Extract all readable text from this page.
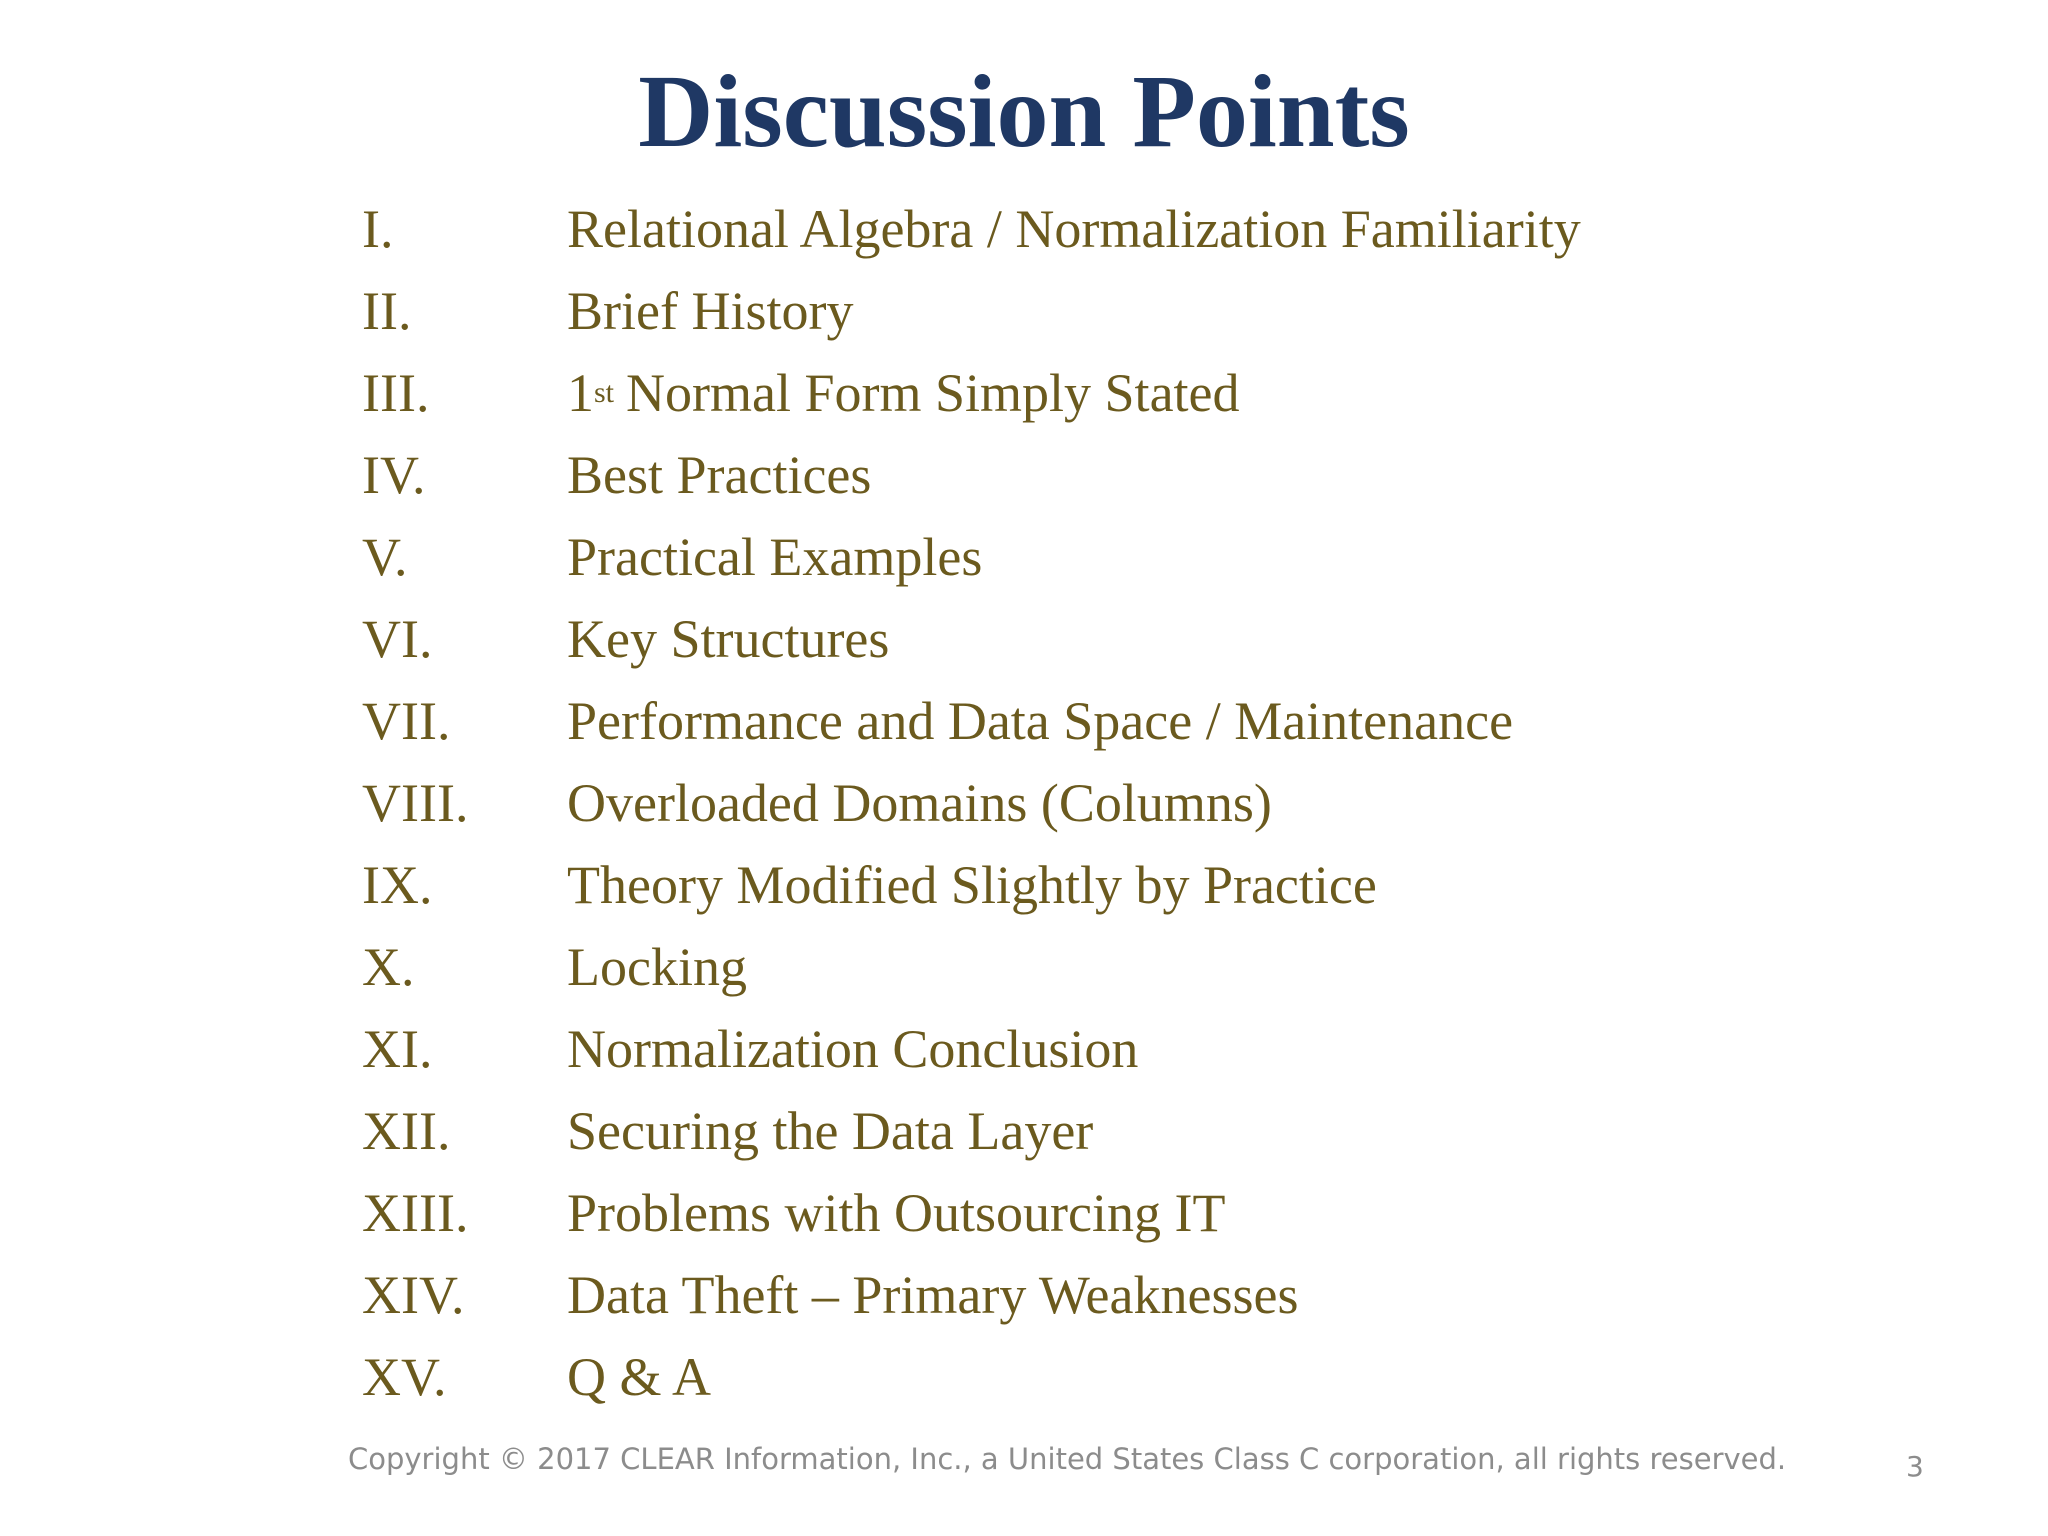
Discussion Points
I.	Relational Algebra / Normalization Familiarity
II.	Brief History
III.	1 st Normal Form Simply Stated
IV.	Best Practices
V.	Practical Examples
VI.	Key Structures
VII.	Performance and Data Space / Maintenance
VIII.	Overloaded Domains (Columns)
IX.	Theory Modified Slightly by Practice
X.	Locking
XI.	Normalization Conclusion
XII.	Securing the Data Layer
XIII.	Problems with Outsourcing IT
XIV.	Data Theft – Primary Weaknesses
XV.	Q & A
Copyright © 2017 CLEAR Information, Inc., a United States Class C corporation, all rights reserved.	3
